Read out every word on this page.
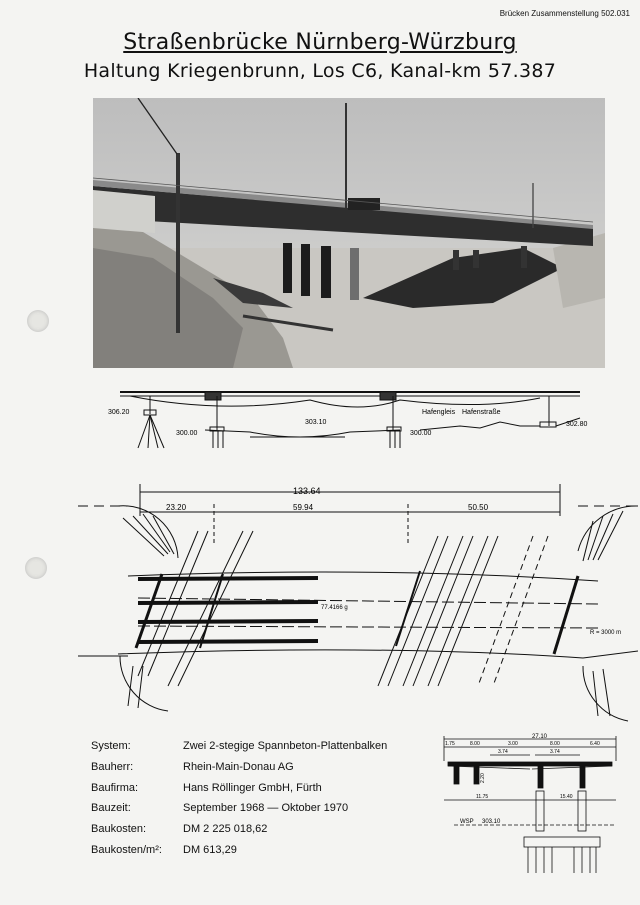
Brücken Zusammenstellung 502.031
Straßenbrücke Nürnberg-Würzburg
Haltung Kriegenbrunn, Los C6, Kanal-km 57.387
306.20
303.10
300.00	300.00
302.80
Hafengleis Hafenstraße
133.64
23.20	59.94	50.50
77.4166 g
R = 3000 m
System:	Zwei 2-stegige Spannbeton-Plattenbalken
Bauherr:	Rhein-Main-Donau AG
Baufirma:	Hans Röllinger GmbH, Fürth
Bauzeit:	September 1968 — Oktober 1970
Baukosten:	DM 2 225 018,62
Baukosten/m²:	DM 613,29
27.10
1.75	8.00	3.00	8.00	6.40
3.74	3.74
2.20
11.75	15.40
WSP 303.10
